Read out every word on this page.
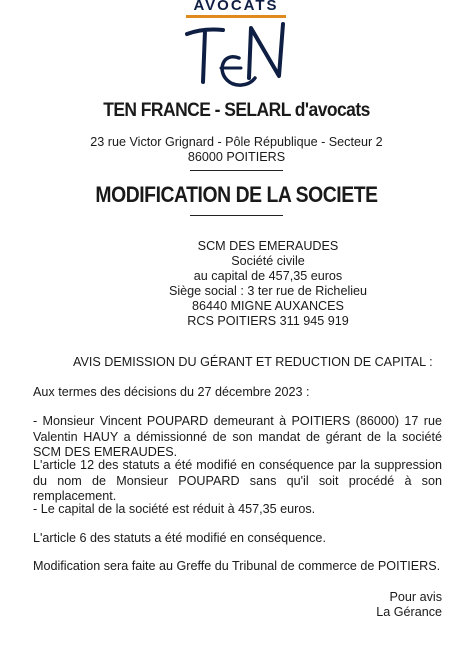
AVOCATS
TEN FRANCE - SELARL d'avocats
23 rue Victor Grignard - Pôle République - Secteur 2
86000 POITIERS
MODIFICATION DE LA SOCIETE
SCM DES EMERAUDES
Société civile
au capital de 457,35 euros
Siège social : 3 ter rue de Richelieu
86440 MIGNE AUXANCES
RCS POITIERS 311 945 919
AVIS DEMISSION DU GÉRANT ET REDUCTION DE CAPITAL :
Aux termes des décisions du 27 décembre 2023 :
- Monsieur Vincent POUPARD demeurant à POITIERS (86000) 17 rue Valentin HAUY a démissionné de son mandat de gérant de la société SCM DES EMERAUDES.
L'article 12 des statuts a été modifié en conséquence par la suppression du nom de Monsieur POUPARD sans qu'il soit procédé à son remplacement.
- Le capital de la société est réduit à 457,35 euros.
L'article 6 des statuts a été modifié en conséquence.
Modification sera faite au Greffe du Tribunal de commerce de POITIERS.
Pour avis
La Gérance
